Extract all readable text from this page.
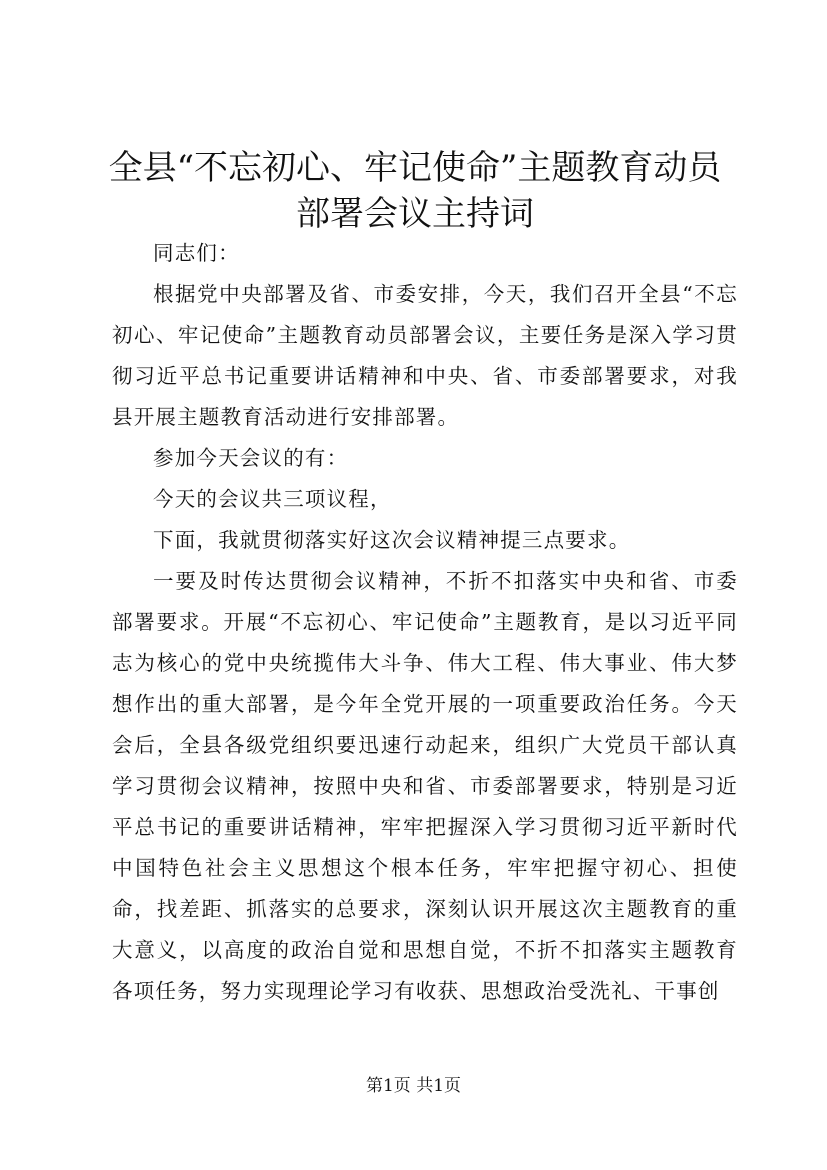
全县“不忘初心、牢记使命”主题教育动员部署会议主持词

同志们：

根据党中央部署及省、市委安排，今天，我们召开全县“不忘初心、牢记使命”主题教育动员部署会议，主要任务是深入学习贯彻习近平总书记重要讲话精神和中央、省、市委部署要求，对我县开展主题教育活动进行安排部署。

参加今天会议的有：

今天的会议共三项议程，

下面，我就贯彻落实好这次会议精神提三点要求。

一要及时传达贯彻会议精神，不折不扣落实中央和省、市委部署要求。开展“不忘初心、牢记使命”主题教育，是以习近平同志为核心的党中央统揽伟大斗争、伟大工程、伟大事业、伟大梦想作出的重大部署，是今年全党开展的一项重要政治任务。今天会后，全县各级党组织要迅速行动起来，组织广大党员干部认真学习贯彻会议精神，按照中央和省、市委部署要求，特别是习近平总书记的重要讲话精神，牢牢把握深入学习贯彻习近平新时代中国特色社会主义思想这个根本任务，牢牢把握守初心、担使命，找差距、抓落实的总要求，深刻认识开展这次主题教育的重大意义，以高度的政治自觉和思想自觉，不折不扣落实主题教育各项任务，努力实现理论学习有收获、思想政治受洗礼、干事创

第1页 共1页
